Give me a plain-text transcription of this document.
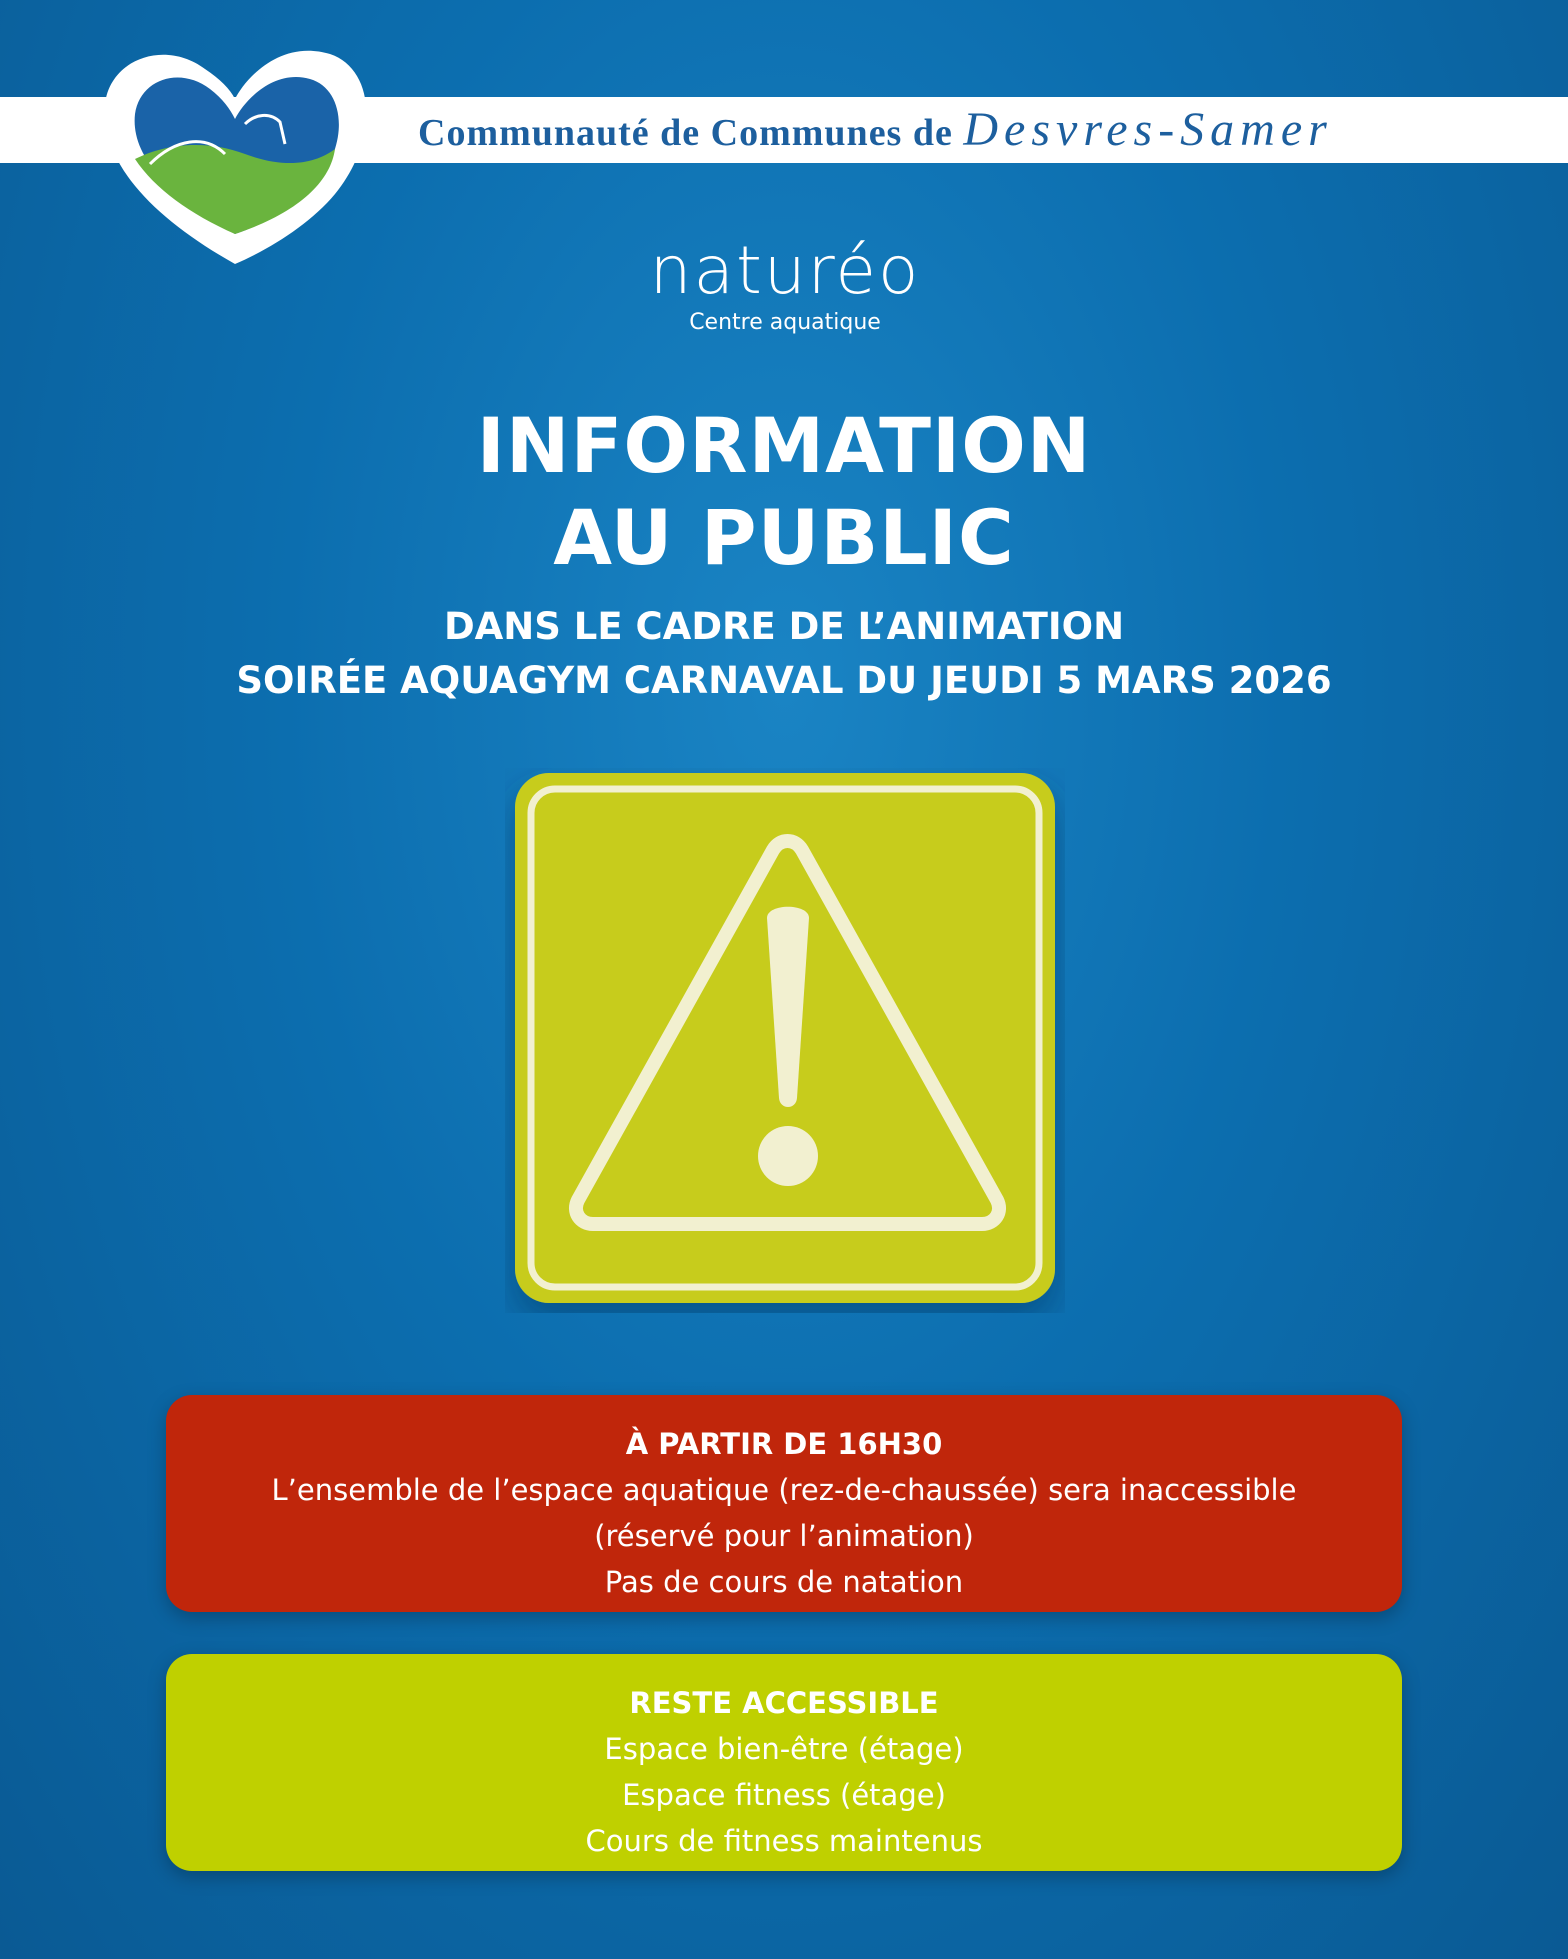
Communauté de Communes de Desvres-Samer
naturéo
Centre aquatique
INFORMATION
AU PUBLIC
DANS LE CADRE DE L’ANIMATION
SOIRÉE AQUAGYM CARNAVAL DU JEUDI 5 MARS 2026
À PARTIR DE 16H30
L’ensemble de l’espace aquatique (rez-de-chaussée) sera inaccessible
(réservé pour l’animation)
Pas de cours de natation
RESTE ACCESSIBLE
Espace bien-être (étage)
Espace fitness (étage)
Cours de fitness maintenus
